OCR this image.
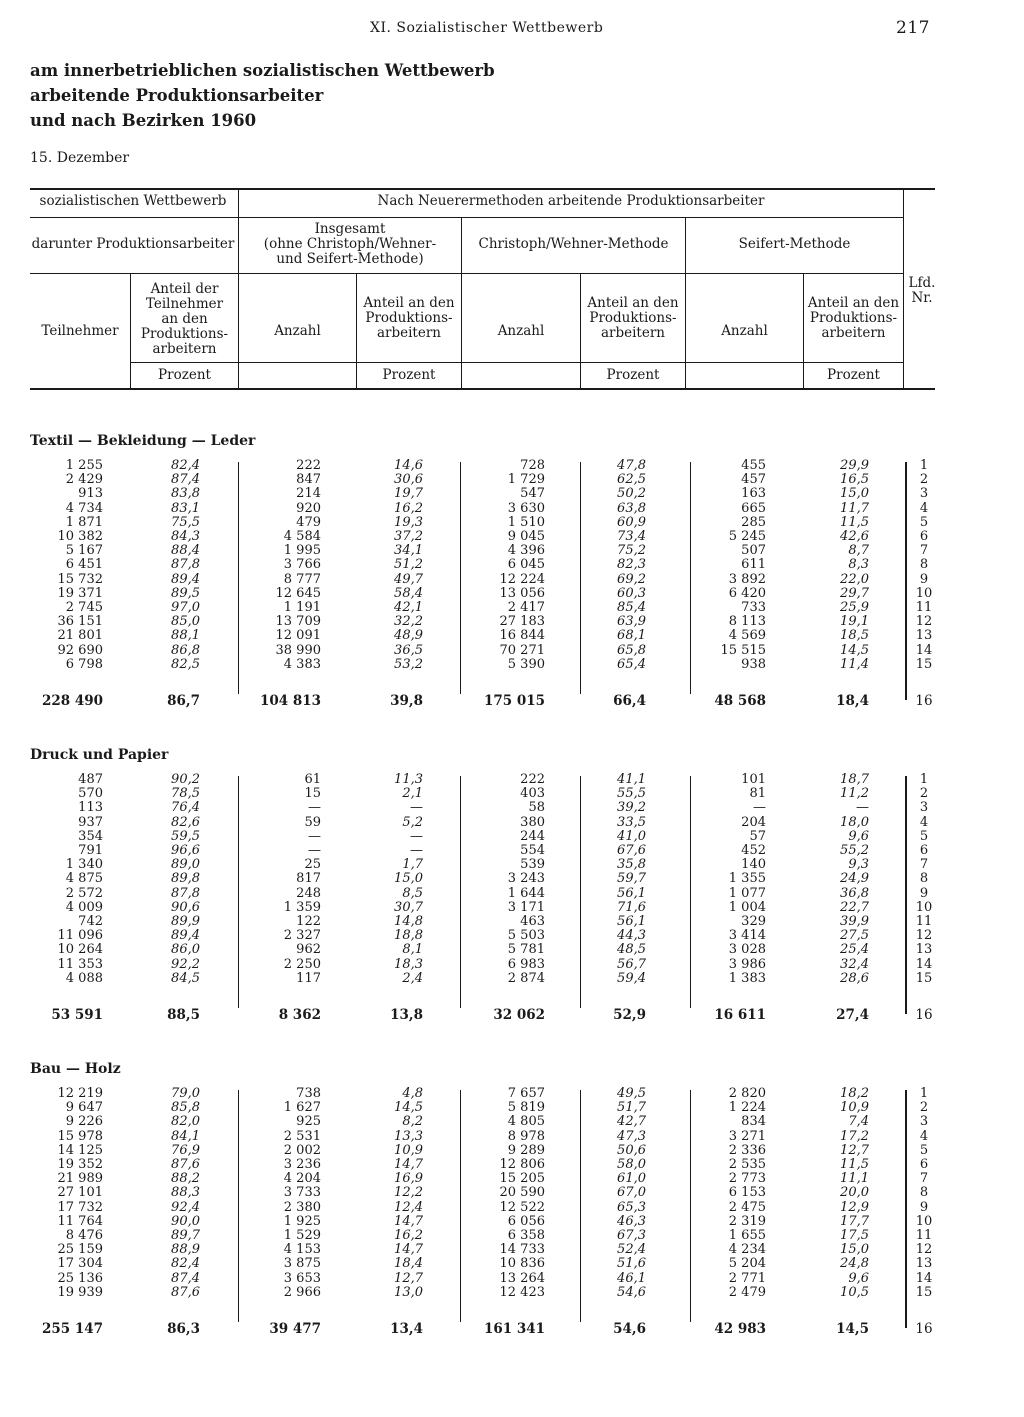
XI. Sozialistischer Wettbewerb	217
am innerbetrieblichen sozialistischen Wettbewerb
arbeitende Produktionsarbeiter
und nach Bezirken 1960
15. Dezember
sozialistischen Wettbewerb
darunter Produktionsarbeiter
Teilnehmer
Anteil der
Teilnehmer
an den
Produktions-
arbeitern
Prozent
Nach Neuerermethoden arbeitende Produktionsarbeiter
Insgesamt
(ohne Christoph/Wehner-
und Seifert-Methode)
Christoph/Wehner-Methode	Seifert-Methode
Anzahl
Anteil an den
Produktions-
arbeitern
Prozent
Anzahl
Anteil an den
Produktions-
arbeitern
Prozent
Anzahl
Anteil an den
Produktions-
arbeitern
Prozent
Lfd.
Nr.
Textil — Bekleidung — Leder
1 255
2 429
913
4 734
1 871
10 382
5 167
6 451
15 732
19 371
2 745
36 151
21 801
92 690
6 798
228 490
82,4
87,4
83,8
83,1
75,5
84,3
88,4
87,8
89,4
89,5
97,0
85,0
88,1
86,8
82,5
86,7
222
847
214
920
479
4 584
1 995
3 766
8 777
12 645
1 191
13 709
12 091
38 990
4 383
104 813
14,6
30,6
19,7
16,2
19,3
37,2
34,1
51,2
49,7
58,4
42,1
32,2
48,9
36,5
53,2
39,8
728
1 729
547
3 630
1 510
9 045
4 396
6 045
12 224
13 056
2 417
27 183
16 844
70 271
5 390
175 015
47,8
62,5
50,2
63,8
60,9
73,4
75,2
82,3
69,2
60,3
85,4
63,9
68,1
65,8
65,4
66,4
455
457
163
665
285
5 245
507
611
3 892
6 420
733
8 113
4 569
15 515
938
48 568
29,9
16,5
15,0
11,7
11,5
42,6
8,7
8,3
22,0
29,7
25,9
19,1
18,5
14,5
11,4
18,4
1
2
3
4
5
6
7
8
9
10
11
12
13
14
15
16
Druck und Papier
487
570
113
937
354
791
1 340
4 875
2 572
4 009
742
11 096
10 264
11 353
4 088
53 591
90,2
78,5
76,4
82,6
59,5
96,6
89,0
89,8
87,8
90,6
89,9
89,4
86,0
92,2
84,5
88,5
61
15
—
59
—
—
25
817
248
1 359
122
2 327
962
2 250
117
8 362
11,3
2,1
—
5,2
—
—
1,7
15,0
8,5
30,7
14,8
18,8
8,1
18,3
2,4
13,8
222
403
58
380
244
554
539
3 243
1 644
3 171
463
5 503
5 781
6 983
2 874
32 062
41,1
55,5
39,2
33,5
41,0
67,6
35,8
59,7
56,1
71,6
56,1
44,3
48,5
56,7
59,4
52,9
101
81
—
204
57
452
140
1 355
1 077
1 004
329
3 414
3 028
3 986
1 383
16 611
18,7
11,2
—
18,0
9,6
55,2
9,3
24,9
36,8
22,7
39,9
27,5
25,4
32,4
28,6
27,4
1
2
3
4
5
6
7
8
9
10
11
12
13
14
15
16
Bau — Holz
12 219
9 647
9 226
15 978
14 125
19 352
21 989
27 101
17 732
11 764
8 476
25 159
17 304
25 136
19 939
255 147
79,0
85,8
82,0
84,1
76,9
87,6
88,2
88,3
92,4
90,0
89,7
88,9
82,4
87,4
87,6
86,3
738
1 627
925
2 531
2 002
3 236
4 204
3 733
2 380
1 925
1 529
4 153
3 875
3 653
2 966
39 477
4,8
14,5
8,2
13,3
10,9
14,7
16,9
12,2
12,4
14,7
16,2
14,7
18,4
12,7
13,0
13,4
7 657
5 819
4 805
8 978
9 289
12 806
15 205
20 590
12 522
6 056
6 358
14 733
10 836
13 264
12 423
161 341
49,5
51,7
42,7
47,3
50,6
58,0
61,0
67,0
65,3
46,3
67,3
52,4
51,6
46,1
54,6
54,6
2 820
1 224
834
3 271
2 336
2 535
2 773
6 153
2 475
2 319
1 655
4 234
5 204
2 771
2 479
42 983
18,2
10,9
7,4
17,2
12,7
11,5
11,1
20,0
12,9
17,7
17,5
15,0
24,8
9,6
10,5
14,5
1
2
3
4
5
6
7
8
9
10
11
12
13
14
15
16
